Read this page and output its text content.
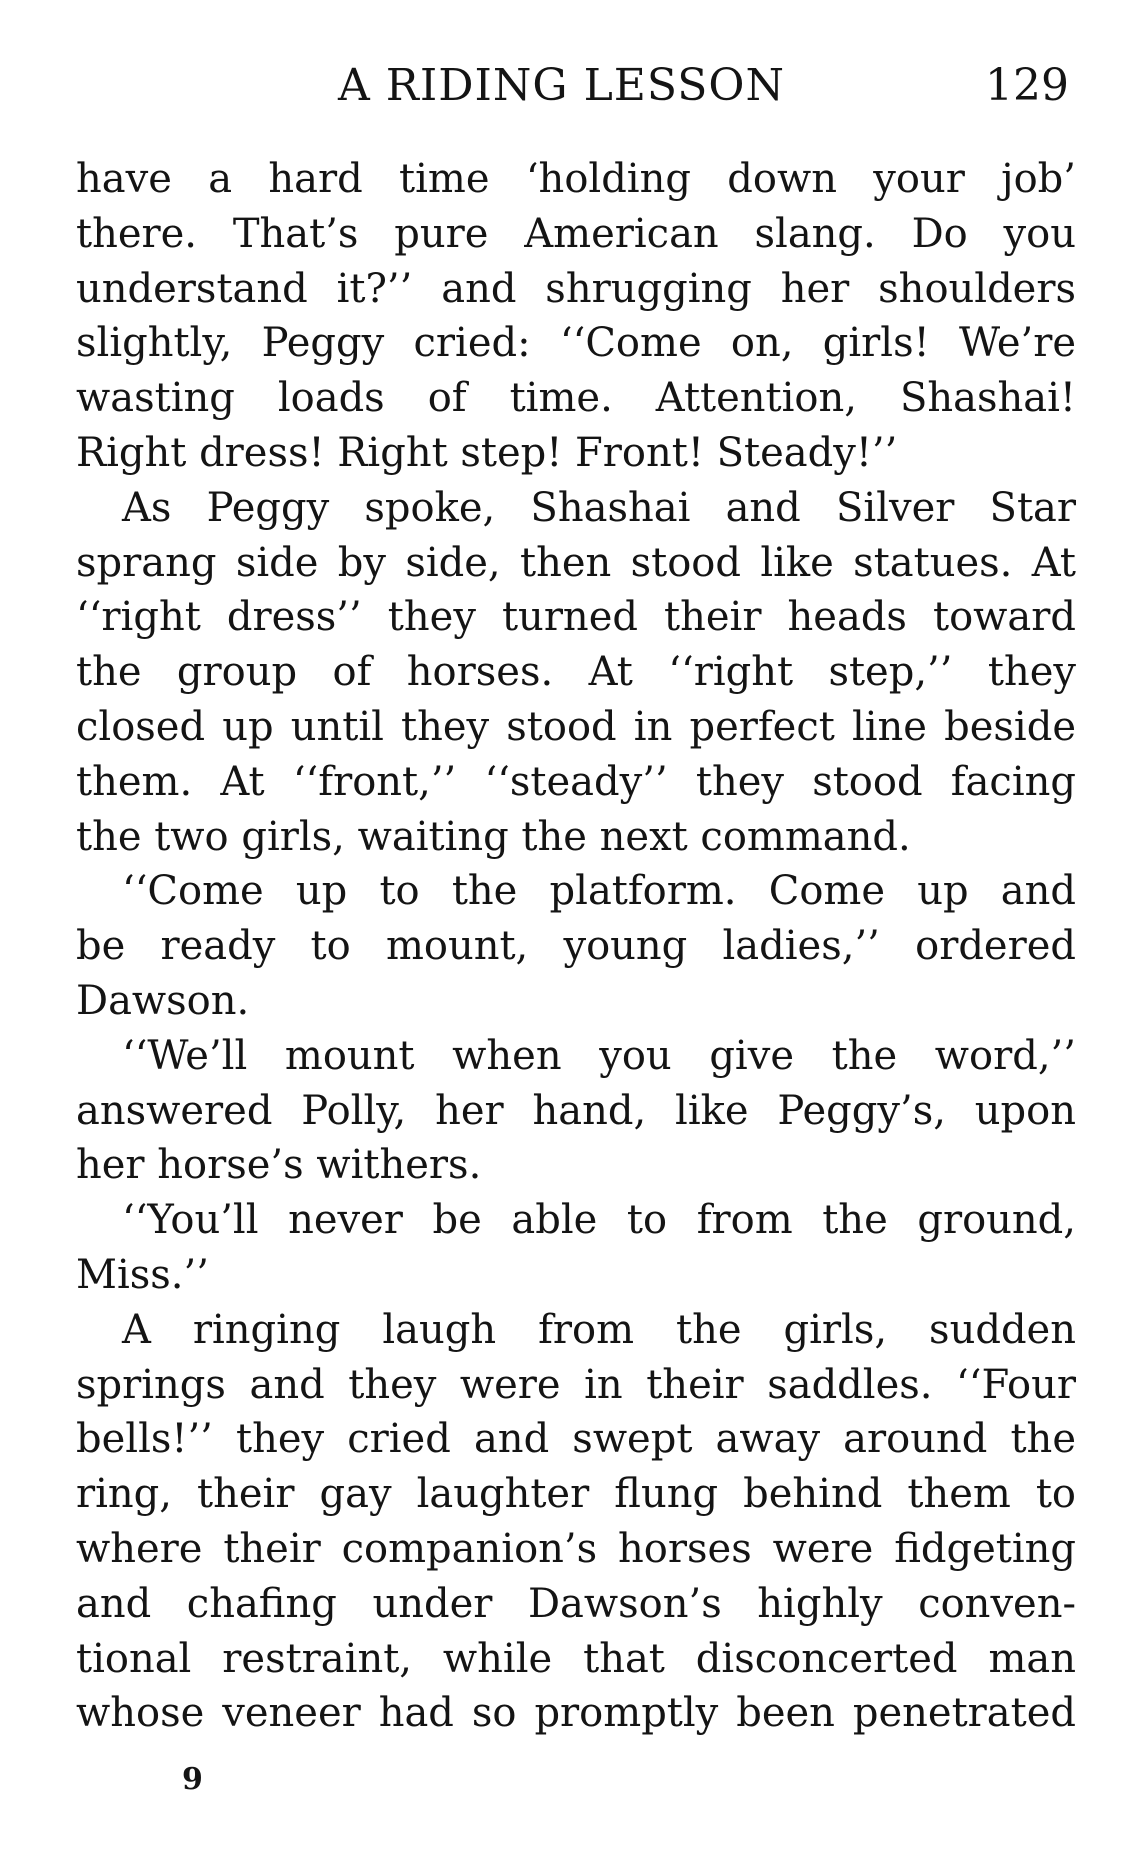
A RIDING LESSON	129
have a hard time ‘holding down your job’
there. That’s pure American slang. Do you
understand it?’’ and shrugging her shoulders
slightly, Peggy cried: ‘‘Come on, girls! We’re
wasting loads of time. Attention, Shashai!
Right dress! Right step! Front! Steady!’’
As Peggy spoke, Shashai and Silver Star
sprang side by side, then stood like statues. At
‘‘right dress’’ they turned their heads toward
the group of horses. At ‘‘right step,’’ they
closed up until they stood in perfect line beside
them. At ‘‘front,’’ ‘‘steady’’ they stood facing
the two girls, waiting the next command.
‘‘Come up to the platform. Come up and
be ready to mount, young ladies,’’ ordered
Dawson.
‘‘We’ll mount when you give the word,’’
answered Polly, her hand, like Peggy’s, upon
her horse’s withers.
‘‘You’ll never be able to from the ground,
Miss.’’
A ringing laugh from the girls, sudden
springs and they were in their saddles. ‘‘Four
bells!’’ they cried and swept away around the
ring, their gay laughter flung behind them to
where their companion’s horses were fidgeting
and chafing under Dawson’s highly conven-
tional restraint, while that disconcerted man
whose veneer had so promptly been penetrated
9
